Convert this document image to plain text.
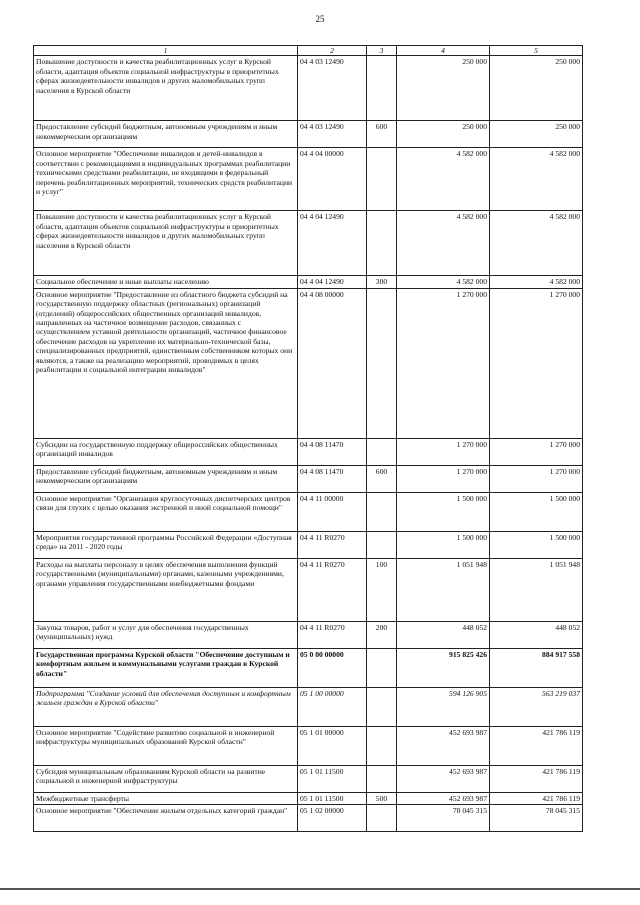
25
1	2	3	4	5
Повышение доступности и качества реабилитационных услуг в Курской области, адаптация объектов социальной инфраструктуры в приоритетных сферах жизнедеятельности инвалидов и других маломобильных групп населения в Курской области	04 4 03 12490		250 000	250 000
Предоставление субсидий бюджетным, автономным учреждениям и иным некоммерческим организациям	04 4 03 12490	600	250 000	250 000
Основное мероприятие "Обеспечение инвалидов и детей-инвалидов в соответствии с рекомендациями в индивидуальных программах реабилитации техническими средствами реабилитации, не входящими в федеральный перечень реабилитационных мероприятий, технических средств реабилитации и услуг"	04 4 04 00000		4 582 000	4 582 000
Повышение доступности и качества реабилитационных услуг в Курской области, адаптация объектов социальной инфраструктуры в приоритетных сферах жизнедеятельности инвалидов и других маломобильных групп населения в Курской области	04 4 04 12490		4 582 000	4 582 000
Социальное обеспечение и иные выплаты населению	04 4 04 12490	300	4 582 000	4 582 000
Основное мероприятие "Предоставление из областного бюджета субсидий на государственную поддержку областных (региональных) организаций (отделений) общероссийских общественных организаций инвалидов, направленных на частичное возмещение расходов, связанных с осуществлением уставной деятельности организаций, частичное финансовое обеспечение расходов на укрепление их материально-технической базы, специализированных предприятий, единственным собственником которых они являются, а также на реализацию мероприятий, проводимых в целях реабилитации и социальной интеграции инвалидов"	04 4 08 00000		1 270 000	1 270 000
Субсидии на государственную поддержку общероссийских общественных организаций инвалидов	04 4 08 11470		1 270 000	1 270 000
Предоставление субсидий бюджетным, автономным учреждениям и иным некоммерческим организациям	04 4 08 11470	600	1 270 000	1 270 000
Основное мероприятие "Организация круглосуточных диспетчерских центров связи для глухих с целью оказания экстренной и иной социальной помощи"	04 4 11 00000		1 500 000	1 500 000
Мероприятия государственной программы Российской Федерации «Доступная среда» на 2011 - 2020 годы	04 4 11 R0270		1 500 000	1 500 000
Расходы на выплаты персоналу в целях обеспечения выполнения функций государственными (муниципальными) органами, казенными учреждениями, органами управления государственными внебюджетными фондами	04 4 11 R0270	100	1 051 948	1 051 948
Закупка товаров, работ и услуг для обеспечения государственных (муниципальных) нужд	04 4 11 R0270	200	448 052	448 052
Государственная программа Курской области "Обеспечение доступным и комфортным жильем и коммунальными услугами граждан в Курской области"	05 0 00 00000		915 825 426	884 917 558
Подпрограмма "Создание условий для обеспечения доступным и комфортным жильем граждан в Курской области"	05 1 00 00000		594 126 905	563 219 037
Основное мероприятие "Содействие развитию социальной и инженерной инфраструктуры муниципальных образований Курской области"	05 1 01 00000		452 693 987	421 786 119
Субсидия муниципальным образованиям Курской области на развитие социальной и инженерной инфраструктуры	05 1 01 11500		452 693 987	421 786 119
Межбюджетные трансферты	05 1 01 11500	500	452 693 987	421 786 119
Основное мероприятие "Обеспечение жильем отдельных категорий граждан"	05 1 02 00000		78 045 315	78 045 315
